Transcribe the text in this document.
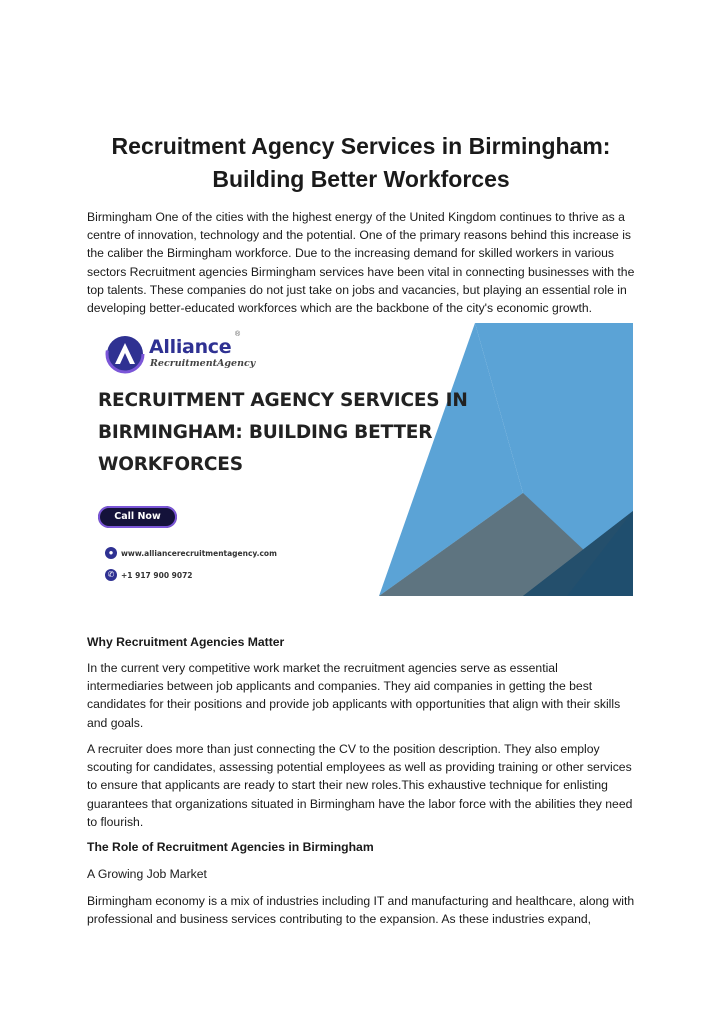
Recruitment Agency Services in Birmingham:
Building Better Workforces

Birmingham One of the cities with the highest energy of the United Kingdom continues to thrive as a centre of innovation, technology and the potential. One of the primary reasons behind this increase is the caliber the Birmingham workforce. Due to the increasing demand for skilled workers in various sectors Recruitment agencies Birmingham services have been vital in connecting businesses with the top talents. These companies do not just take on jobs and vacancies, but playing an essential role in developing better-educated workforces which are the backbone of the city's economic growth.

Alliance
RecruitmentAgency
®
RECRUITMENT AGENCY SERVICES IN
BIRMINGHAM: BUILDING BETTER
WORKFORCES
Call Now
●	www.alliancerecruitmentagency.com
✆ +1 917 900 9072

Why Recruitment Agencies Matter

In the current very competitive work market the recruitment agencies serve as essential intermediaries between job applicants and companies. They aid companies in getting the best candidates for their positions and provide job applicants with opportunities that align with their skills and goals.

A recruiter does more than just connecting the CV to the position description. They also employ scouting for candidates, assessing potential employees as well as providing training or other services to ensure that applicants are ready to start their new roles.This exhaustive technique for enlisting guarantees that organizations situated in Birmingham have the labor force with the abilities they need to flourish.

The Role of Recruitment Agencies in Birmingham

A Growing Job Market

Birmingham economy is a mix of industries including IT and manufacturing and healthcare, along with professional and business services contributing to the expansion. As these industries expand,
